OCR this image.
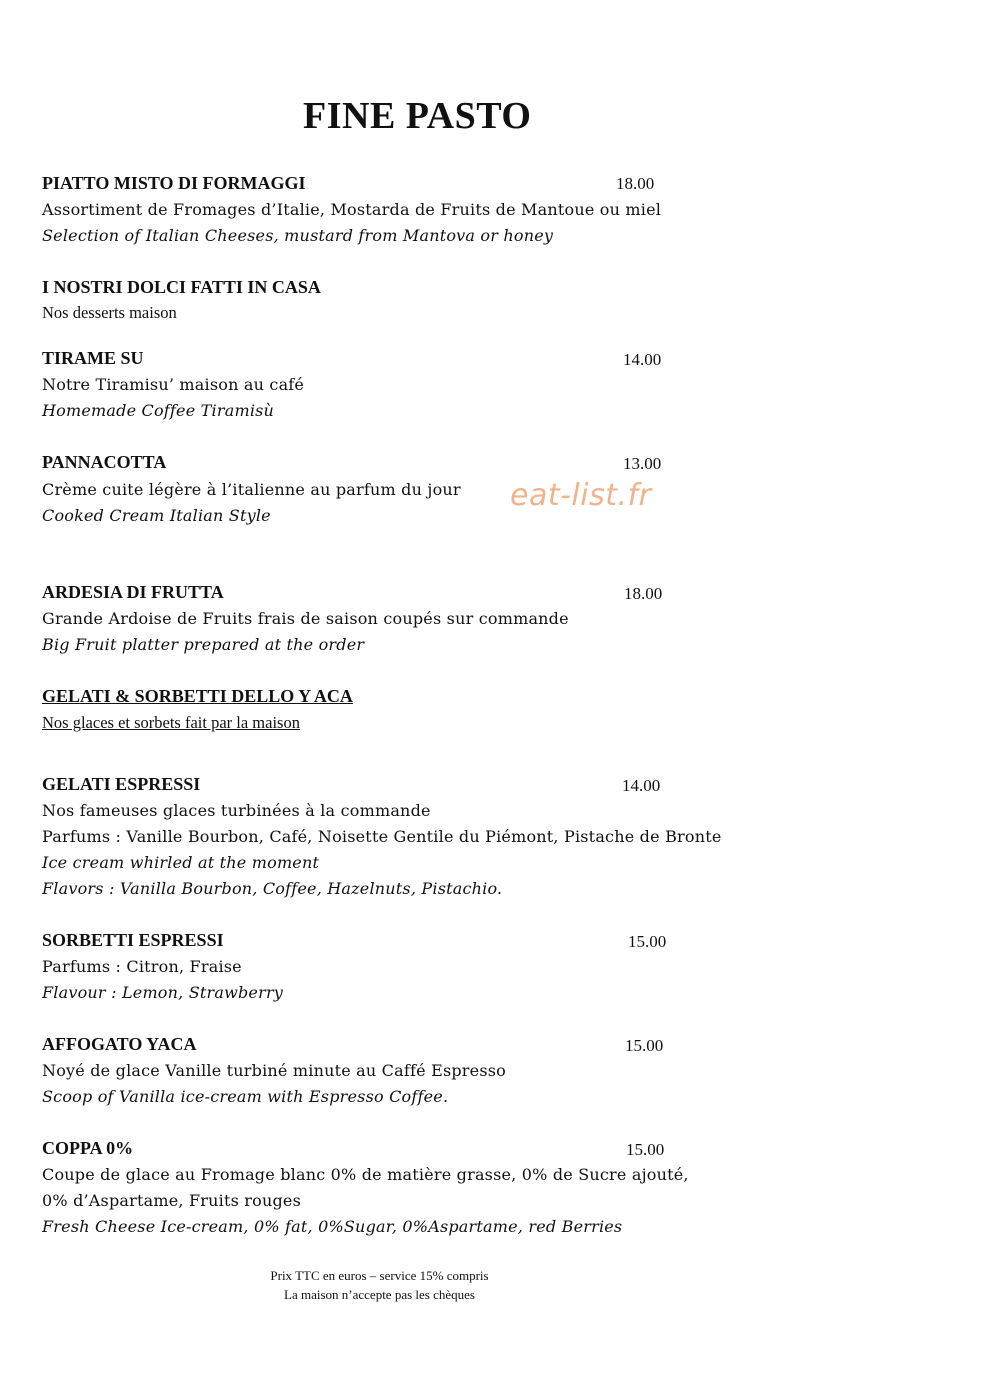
FINE PASTO
PIATTO MISTO DI FORMAGGI	18.00
Assortiment de Fromages d’Italie, Mostarda de Fruits de Mantoue ou miel
Selection of Italian Cheeses, mustard from Mantova or honey
I NOSTRI DOLCI FATTI IN CASA
Nos desserts maison
TIRAME SU	14.00
Notre Tiramisu’ maison au café
Homemade Coffee Tiramisù
PANNACOTTA	13.00
Crème cuite légère à l’italienne au parfum du jour
Cooked Cream Italian Style
eat-list.fr
ARDESIA DI FRUTTA	18.00
Grande Ardoise de Fruits frais de saison coupés sur commande
Big Fruit platter prepared at the order
GELATI & SORBETTI DELLO Y ACA
Nos glaces et sorbets fait par la maison
GELATI ESPRESSI	14.00
Nos fameuses glaces turbinées à la commande
Parfums : Vanille Bourbon, Café, Noisette Gentile du Piémont, Pistache de Bronte
Ice cream whirled at the moment
Flavors : Vanilla Bourbon, Coffee, Hazelnuts, Pistachio.
SORBETTI ESPRESSI	15.00
Parfums : Citron, Fraise
Flavour : Lemon, Strawberry
AFFOGATO YACA	15.00
Noyé de glace Vanille turbiné minute au Caffé Espresso
Scoop of Vanilla ice-cream with Espresso Coffee.
COPPA 0%	15.00
Coupe de glace au Fromage blanc 0% de matière grasse, 0% de Sucre ajouté,
0% d’Aspartame, Fruits rouges
Fresh Cheese Ice-cream, 0% fat, 0%Sugar, 0%Aspartame, red Berries
Prix TTC en euros – service 15% compris
La maison n’accepte pas les chèques
